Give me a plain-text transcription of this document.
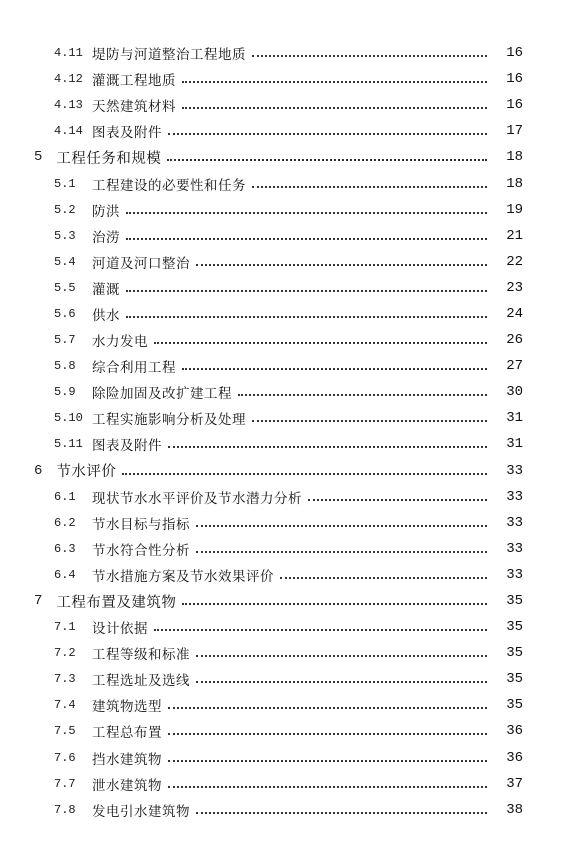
4.11 堤防与河道整治工程地质	16
4.12 灌溉工程地质	16
4.13 天然建筑材料	16
4.14 图表及附件	17
5 工程任务和规模	18
5.1	工程建设的必要性和任务	18
5.2	防洪	19
5.3	治涝	21
5.4	河道及河口整治	22
5.5	灌溉	23
5.6	供水	24
5.7	水力发电	26
5.8	综合利用工程	27
5.9	除险加固及改扩建工程	30
5.10 工程实施影响分析及处理	31
5.11 图表及附件	31
6 节水评价	33
6.1	现状节水水平评价及节水潜力分析	33
6.2	节水目标与指标	33
6.3	节水符合性分析	33
6.4	节水措施方案及节水效果评价	33
7 工程布置及建筑物	35
7.1	设计依据	35
7.2	工程等级和标准	35
7.3	工程选址及选线	35
7.4	建筑物选型	35
7.5	工程总布置	36
7.6	挡水建筑物	36
7.7	泄水建筑物	37
7.8	发电引水建筑物	38
